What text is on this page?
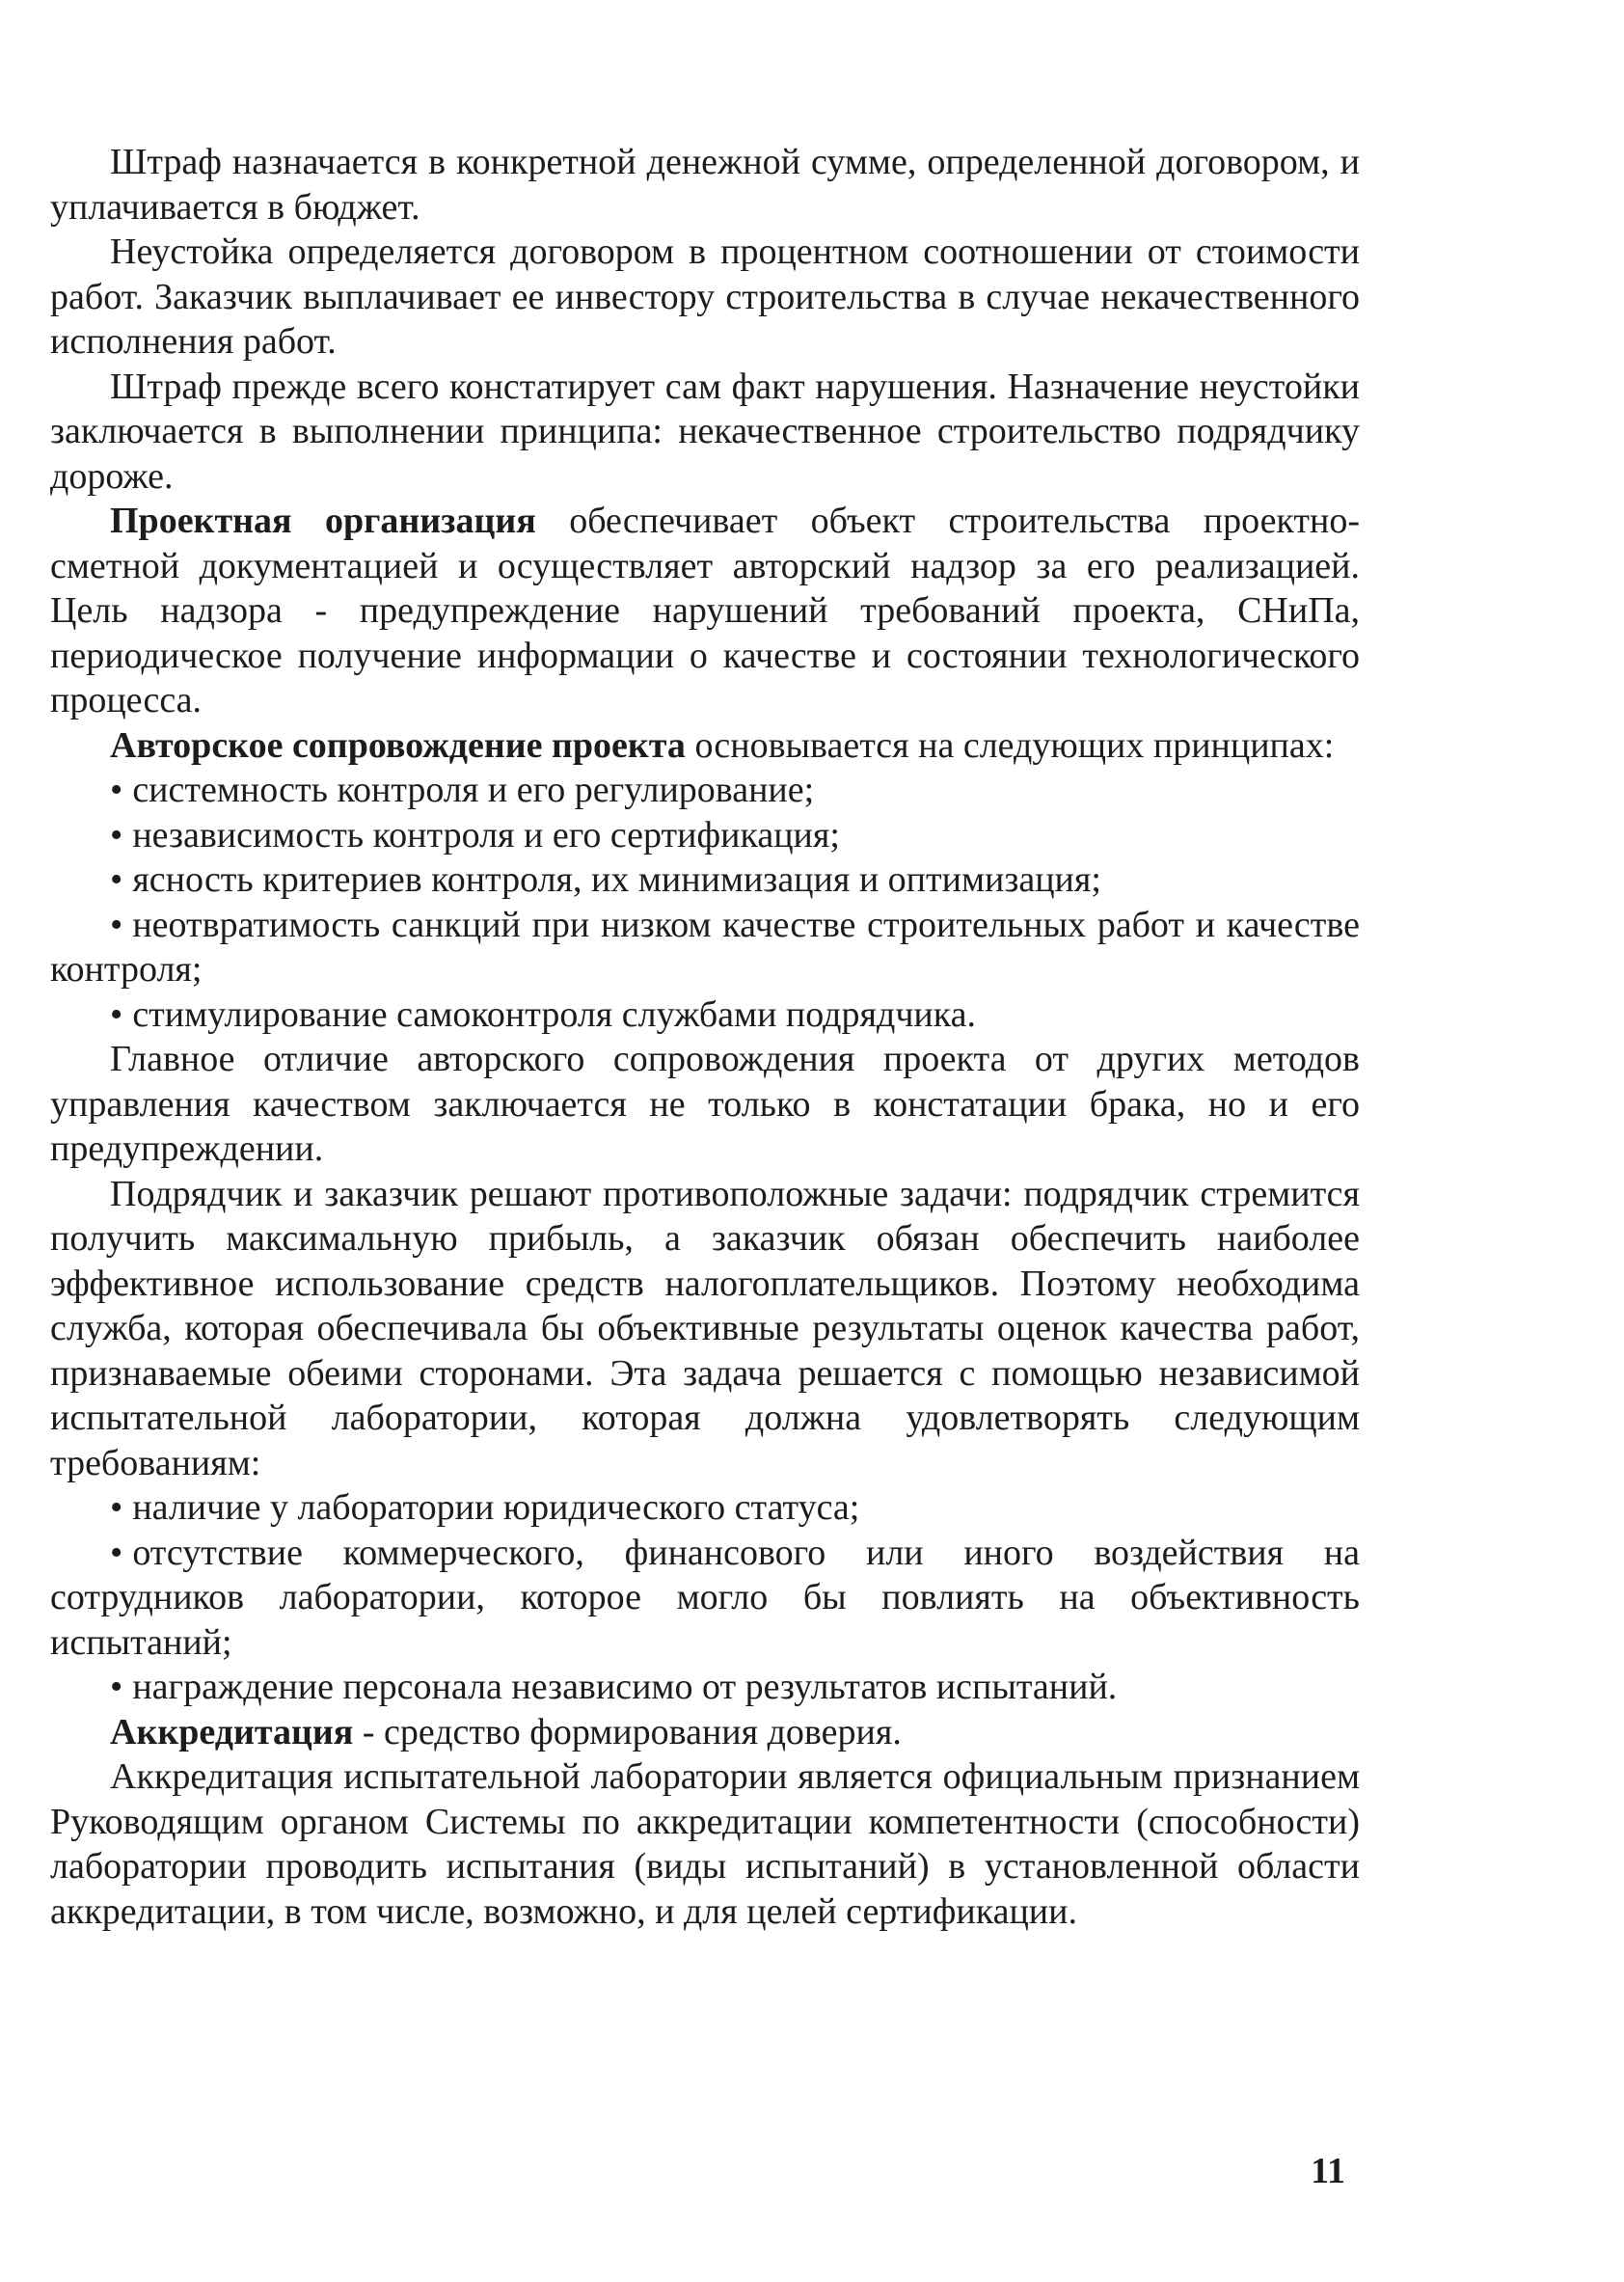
Штраф назначается в конкретной денежной сумме, определенной договором, и уплачивается в бюджет.

Неустойка определяется договором в процентном соотношении от стоимости работ. Заказчик выплачивает ее инвестору строительства в случае некачественного исполнения работ.

Штраф прежде всего констатирует сам факт нарушения. Назначение неустойки заключается в выполнении принципа: некачественное строительство подрядчику дороже.

Проектная организация обеспечивает объект строительства проектно-сметной документацией и осуществляет авторский надзор за его реализацией. Цель надзора - предупреждение нарушений требований проекта, СНиПа, периодическое получение информации о качестве и состоянии технологического процесса.

Авторское сопровождение проекта основывается на следующих принципах:

• системность контроля и его регулирование;

• независимость контроля и его сертификация;

• ясность критериев контроля, их минимизация и оптимизация;

• неотвратимость санкций при низком качестве строительных работ и качестве контроля;

• стимулирование самоконтроля службами подрядчика.

Главное отличие авторского сопровождения проекта от других методов управления качеством заключается не только в констатации брака, но и его предупреждении.

Подрядчик и заказчик решают противоположные задачи: подрядчик стремится получить максимальную прибыль, а заказчик обязан обеспечить наиболее эффективное использование средств налогоплательщиков. Поэтому необходима служба, которая обеспечивала бы объективные результаты оценок качества работ, признаваемые обеими сторонами. Эта задача решается с помощью независимой испытательной лаборатории, которая должна удовлетворять следующим требованиям:

• наличие у лаборатории юридического статуса;

• отсутствие коммерческого, финансового или иного воздействия на сотрудников лаборатории, которое могло бы повлиять на объективность испытаний;

• награждение персонала независимо от результатов испытаний.

Аккредитация - средство формирования доверия.

Аккредитация испытательной лаборатории является официальным признанием Руководящим органом Системы по аккредитации компетентности (способности) лаборатории проводить испытания (виды испытаний) в установленной области аккредитации, в том числе, возможно, и для целей сертификации.

11
